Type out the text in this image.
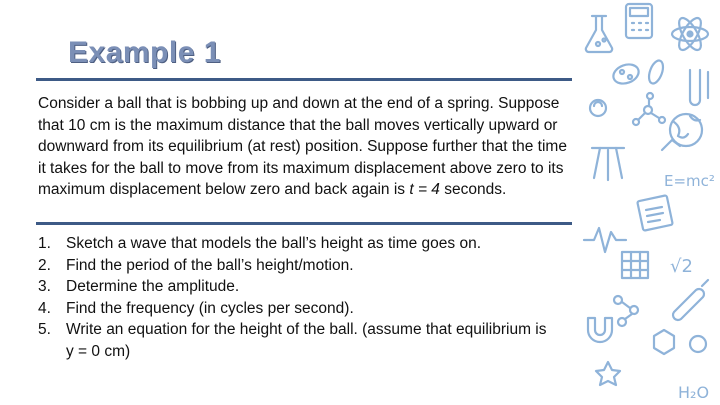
Example 1

Consider a ball that is bobbing up and down at the end of a spring. Suppose that 10 cm is the maximum distance that the ball moves vertically upward or downward from its equilibrium (at rest) position. Suppose further that the time it takes for the ball to move from its maximum displacement above zero to its maximum displacement below zero and back again is t = 4 seconds.

1. Sketch a wave that models the ball’s height as time goes on.
2. Find the period of the ball’s height/motion.
3. Determine the amplitude.
4. Find the frequency (in cycles per second).
5. Write an equation for the height of the ball. (assume that equilibrium is y = 0 cm)
E=mc²
√2
H₂O
